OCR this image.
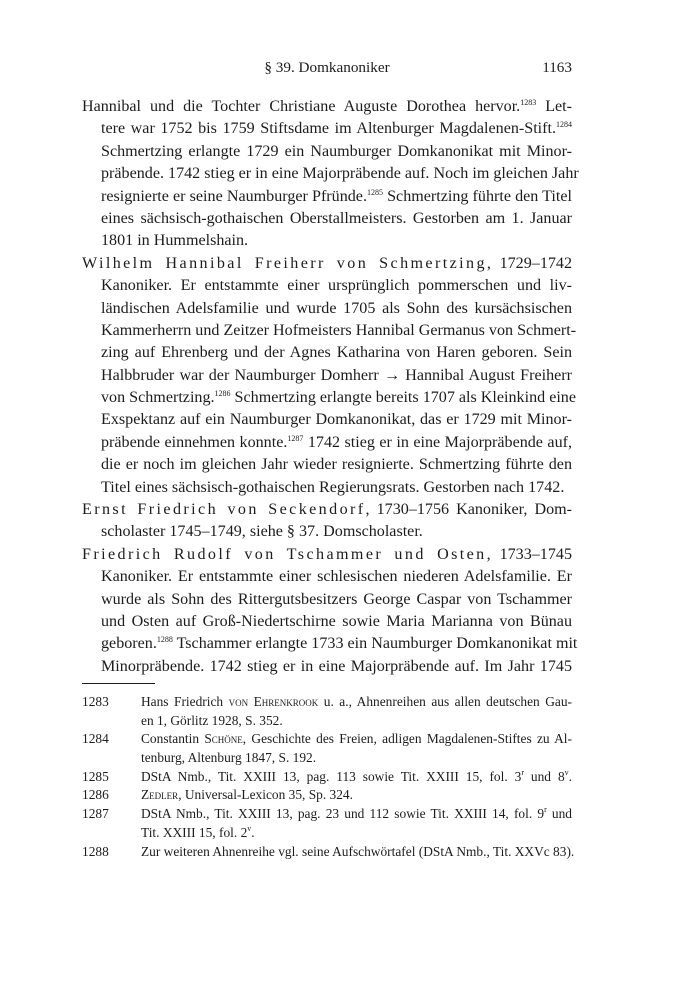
§ 39. Domkanoniker	1163
Hannibal und die Tochter Christiane Auguste Dorothea hervor.$^{1283}$ Let-
tere war 1752 bis 1759 Stiftsdame im Altenburger Magdalenen-Stift.$^{1284}$
Schmertzing erlangte 1729 ein Naumburger Domkanonikat mit Minor-
präbende. 1742 stieg er in eine Majorpräbende auf. Noch im gleichen Jahr
resignierte er seine Naumburger Pfründe.$^{1285}$ Schmertzing führte den Titel
eines sächsisch-gothaischen Oberstallmeisters. Gestorben am 1. Januar
1801 in Hummelshain.
Wilhelm Hannibal Freiherr von Schmertzing, 1729–1742
Kanoniker. Er entstammte einer ursprünglich pommerschen und liv-
ländischen Adelsfamilie und wurde 1705 als Sohn des kursächsischen
Kammerherrn und Zeitzer Hofmeisters Hannibal Germanus von Schmert-
zing auf Ehrenberg und der Agnes Katharina von Haren geboren. Sein
Halbbruder war der Naumburger Domherr → Hannibal August Freiherr
von Schmertzing.$^{1286}$ Schmertzing erlangte bereits 1707 als Kleinkind eine
Exspektanz auf ein Naumburger Domkanonikat, das er 1729 mit Minor-
präbende einnehmen konnte.$^{1287}$ 1742 stieg er in eine Majorpräbende auf,
die er noch im gleichen Jahr wieder resignierte. Schmertzing führte den
Titel eines sächsisch-gothaischen Regierungsrats. Gestorben nach 1742.
Ernst Friedrich von Seckendorf, 1730–1756 Kanoniker, Dom-
scholaster 1745–1749, siehe § 37. Domscholaster.
Friedrich Rudolf von Tschammer und Osten, 1733–1745
Kanoniker. Er entstammte einer schlesischen niederen Adelsfamilie. Er
wurde als Sohn des Rittergutsbesitzers George Caspar von Tschammer
und Osten auf Groß-Niedertschirne sowie Maria Marianna von Bünau
geboren.$^{1288}$ Tschammer erlangte 1733 ein Naumburger Domkanonikat mit
Minorpräbende. 1742 stieg er in eine Majorpräbende auf. Im Jahr 1745
1283 Hans Friedrich von Ehrenkrook u. a., Ahnenreihen aus allen deutschen Gau-
en 1, Görlitz 1928, S. 352.
1284 Constantin Schöne, Geschichte des Freien, adligen Magdalenen-Stiftes zu Al-
tenburg, Altenburg 1847, S. 192.
1285 DStA Nmb., Tit. XXIII 13, pag. 113 sowie Tit. XXIII 15, fol. 3$^r$ und 8$^v$.
1286 Zedler, Universal-Lexicon 35, Sp. 324.
1287 DStA Nmb., Tit. XXIII 13, pag. 23 und 112 sowie Tit. XXIII 14, fol. 9$^r$ und
Tit. XXIII 15, fol. 2$^v$.
1288 Zur weiteren Ahnenreihe vgl. seine Aufschwörtafel (DStA Nmb., Tit. XXVc 83).
